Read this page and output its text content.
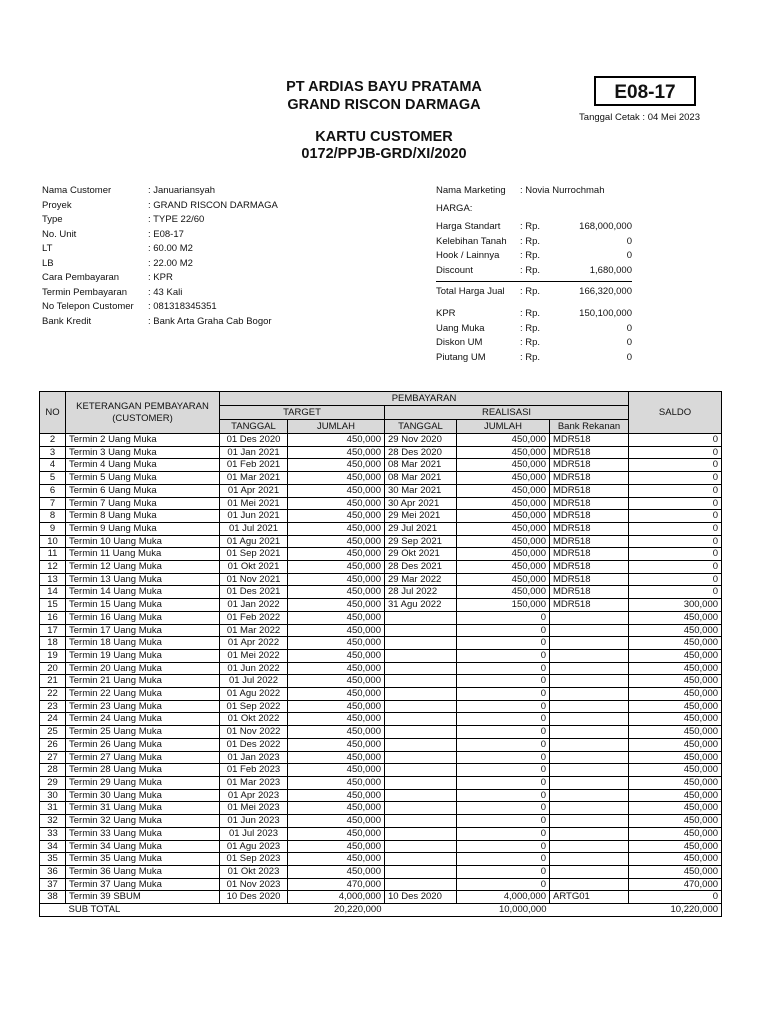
PT ARDIAS BAYU PRATAMA
GRAND RISCON DARMAGA
E08-17
Tanggal Cetak : 04 Mei 2023
KARTU CUSTOMER
0172/PPJB-GRD/XI/2020
Nama Customer	: Januariansyah
Proyek	: GRAND RISCON DARMAGA
Type	: TYPE 22/60
No. Unit	: E08-17
LT	: 60.00 M2
LB	: 22.00 M2
Cara Pembayaran	: KPR
Termin Pembayaran : 43 Kali
No Telepon Customer : 081318345351
Bank Kredit	: Bank Arta Graha Cab Bogor
Nama Marketing : Novia Nurrochmah
HARGA:
Harga Standart : Rp.	168,000,000
Kelebihan Tanah : Rp.	0
Hook / Lainnya : Rp.	0
Discount	: Rp.	1,680,000
Total Harga Jual : Rp.	166,320,000
KPR	: Rp.	150,100,000
Uang Muka	: Rp.	0
Diskon UM	: Rp.	0
Piutang UM	: Rp.	0
NO	KETERANGAN PEMBAYARAN
(CUSTOMER)	PEMBAYARAN					SALDO
		TARGET		REALISASI			
		TANGGAL	JUMLAH	TANGGAL	JUMLAH	Bank Rekanan	
2	Termin 2 Uang Muka	01 Des 2020	450,000	29 Nov 2020	450,000	MDR518	0
3	Termin 3 Uang Muka	01 Jan 2021	450,000	28 Des 2020	450,000	MDR518	0
4	Termin 4 Uang Muka	01 Feb 2021	450,000	08 Mar 2021	450,000	MDR518	0
5	Termin 5 Uang Muka	01 Mar 2021	450,000	08 Mar 2021	450,000	MDR518	0
6	Termin 6 Uang Muka	01 Apr 2021	450,000	30 Mar 2021	450,000	MDR518	0
7	Termin 7 Uang Muka	01 Mei 2021	450,000	30 Apr 2021	450,000	MDR518	0
8	Termin 8 Uang Muka	01 Jun 2021	450,000	29 Mei 2021	450,000	MDR518	0
9	Termin 9 Uang Muka	01 Jul 2021	450,000	29 Jul 2021	450,000	MDR518	0
10	Termin 10 Uang Muka	01 Agu 2021	450,000	29 Sep 2021	450,000	MDR518	0
11	Termin 11 Uang Muka	01 Sep 2021	450,000	29 Okt 2021	450,000	MDR518	0
12	Termin 12 Uang Muka	01 Okt 2021	450,000	28 Des 2021	450,000	MDR518	0
13	Termin 13 Uang Muka	01 Nov 2021	450,000	29 Mar 2022	450,000	MDR518	0
14	Termin 14 Uang Muka	01 Des 2021	450,000	28 Jul 2022	450,000	MDR518	0
15	Termin 15 Uang Muka	01 Jan 2022	450,000	31 Agu 2022	150,000	MDR518	300,000
16	Termin 16 Uang Muka	01 Feb 2022	450,000		0		450,000
17	Termin 17 Uang Muka	01 Mar 2022	450,000		0		450,000
18	Termin 18 Uang Muka	01 Apr 2022	450,000		0		450,000
19	Termin 19 Uang Muka	01 Mei 2022	450,000		0		450,000
20	Termin 20 Uang Muka	01 Jun 2022	450,000		0		450,000
21	Termin 21 Uang Muka	01 Jul 2022	450,000		0		450,000
22	Termin 22 Uang Muka	01 Agu 2022	450,000		0		450,000
23	Termin 23 Uang Muka	01 Sep 2022	450,000		0		450,000
24	Termin 24 Uang Muka	01 Okt 2022	450,000		0		450,000
25	Termin 25 Uang Muka	01 Nov 2022	450,000		0		450,000
26	Termin 26 Uang Muka	01 Des 2022	450,000		0		450,000
27	Termin 27 Uang Muka	01 Jan 2023	450,000		0		450,000
28	Termin 28 Uang Muka	01 Feb 2023	450,000		0		450,000
29	Termin 29 Uang Muka	01 Mar 2023	450,000		0		450,000
30	Termin 30 Uang Muka	01 Apr 2023	450,000		0		450,000
31	Termin 31 Uang Muka	01 Mei 2023	450,000		0		450,000
32	Termin 32 Uang Muka	01 Jun 2023	450,000		0		450,000
33	Termin 33 Uang Muka	01 Jul 2023	450,000		0		450,000
34	Termin 34 Uang Muka	01 Agu 2023	450,000		0		450,000
35	Termin 35 Uang Muka	01 Sep 2023	450,000		0		450,000
36	Termin 36 Uang Muka	01 Okt 2023	450,000		0		450,000
37	Termin 37 Uang Muka	01 Nov 2023	470,000		0		470,000
38	Termin 39 SBUM	10 Des 2020	4,000,000	10 Des 2020	4,000,000	ARTG01	0
	SUB TOTAL		20,220,000		10,000,000		10,220,000
